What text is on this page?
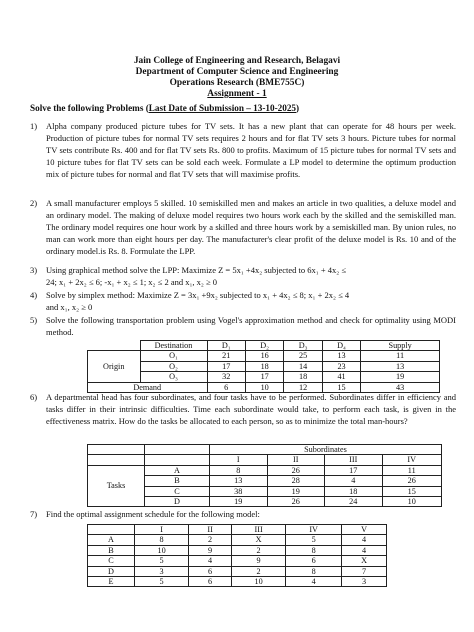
Jain College of Engineering and Research, Belagavi
Department of Computer Science and Engineering
Operations Research (BME755C)
Assignment - 1
Solve the following Problems (Last Date of Submission – 13-10-2025)
1) Alpha company produced picture tubes for TV sets. It has a new plant that can operate for 48 hours per week. Production of picture tubes for normal TV sets requires 2 hours and for flat TV sets 3 hours. Picture tubes for normal TV sets contribute Rs. 400 and for flat TV sets Rs. 800 to profits. Maximum of 15 picture tubes for normal TV sets and 10 picture tubes for flat TV sets can be sold each week. Formulate a LP model to determine the optimum production mix of picture tubes for normal and flat TV sets that will maximise profits.
2) A small manufacturer employs 5 skilled. 10 semiskilled men and makes an article in two qualities, a deluxe model and an ordinary model. The making of deluxe model requires two hours work each by the skilled and the semiskilled man. The ordinary model requires one hour work by a skilled and three hours work by a semiskilled man. By union rules, no man can work more than eight hours per day. The manufacturer's clear profit of the deluxe model is Rs. 10 and of the ordinary model.is Rs. 8. Formulate the LPP.
3) Using graphical method solve the LPP: Maximize Z = 5x₁ +4x₂ subjected to 6x₁ + 4x₂ ≤
24; x₁ + 2x₂ ≤ 6; -x₁ + x₂ ≤ 1; x₂ ≤ 2 and x₁, x₂ ≥ 0
4) Solve by simplex method: Maximize Z = 3x₁ +9x₂ subjected to x₁ + 4x₂ ≤ 8; x₁ + 2x₂ ≤ 4
and x₁, x₂ ≥ 0
5) Solve the following transportation problem using Vogel's approximation method and check for optimality using MODI method.
	Destination	D₁	D₂	D₃	D₄	Supply
Origin	O₁	21	16	25	13	11
	O₂	17	18	14	23	13
	O₃	32	17	18	41	19
Demand		6	10	12	15	43
6) A departmental head has four subordinates, and four tasks have to be performed. Subordinates differ in efficiency and tasks differ in their intrinsic difficulties. Time each subordinate would take, to perform each task, is given in the effectiveness matrix. How do the tasks be allocated to each person, so as to minimize the total man-hours?
		Subordinates			
		I	II	III	IV
Tasks	A	8	26	17	11
	B	13	28	4	26
	C	38	19	18	15
	D	19	26	24	10
7) Find the optimal assignment schedule for the following model:
	I	II	III	IV	V
A	8	2	X	5	4
B	10	9	2	8	4
C	5	4	9	6	X
D	3	6	2	8	7
E	5	6	10	4	3
